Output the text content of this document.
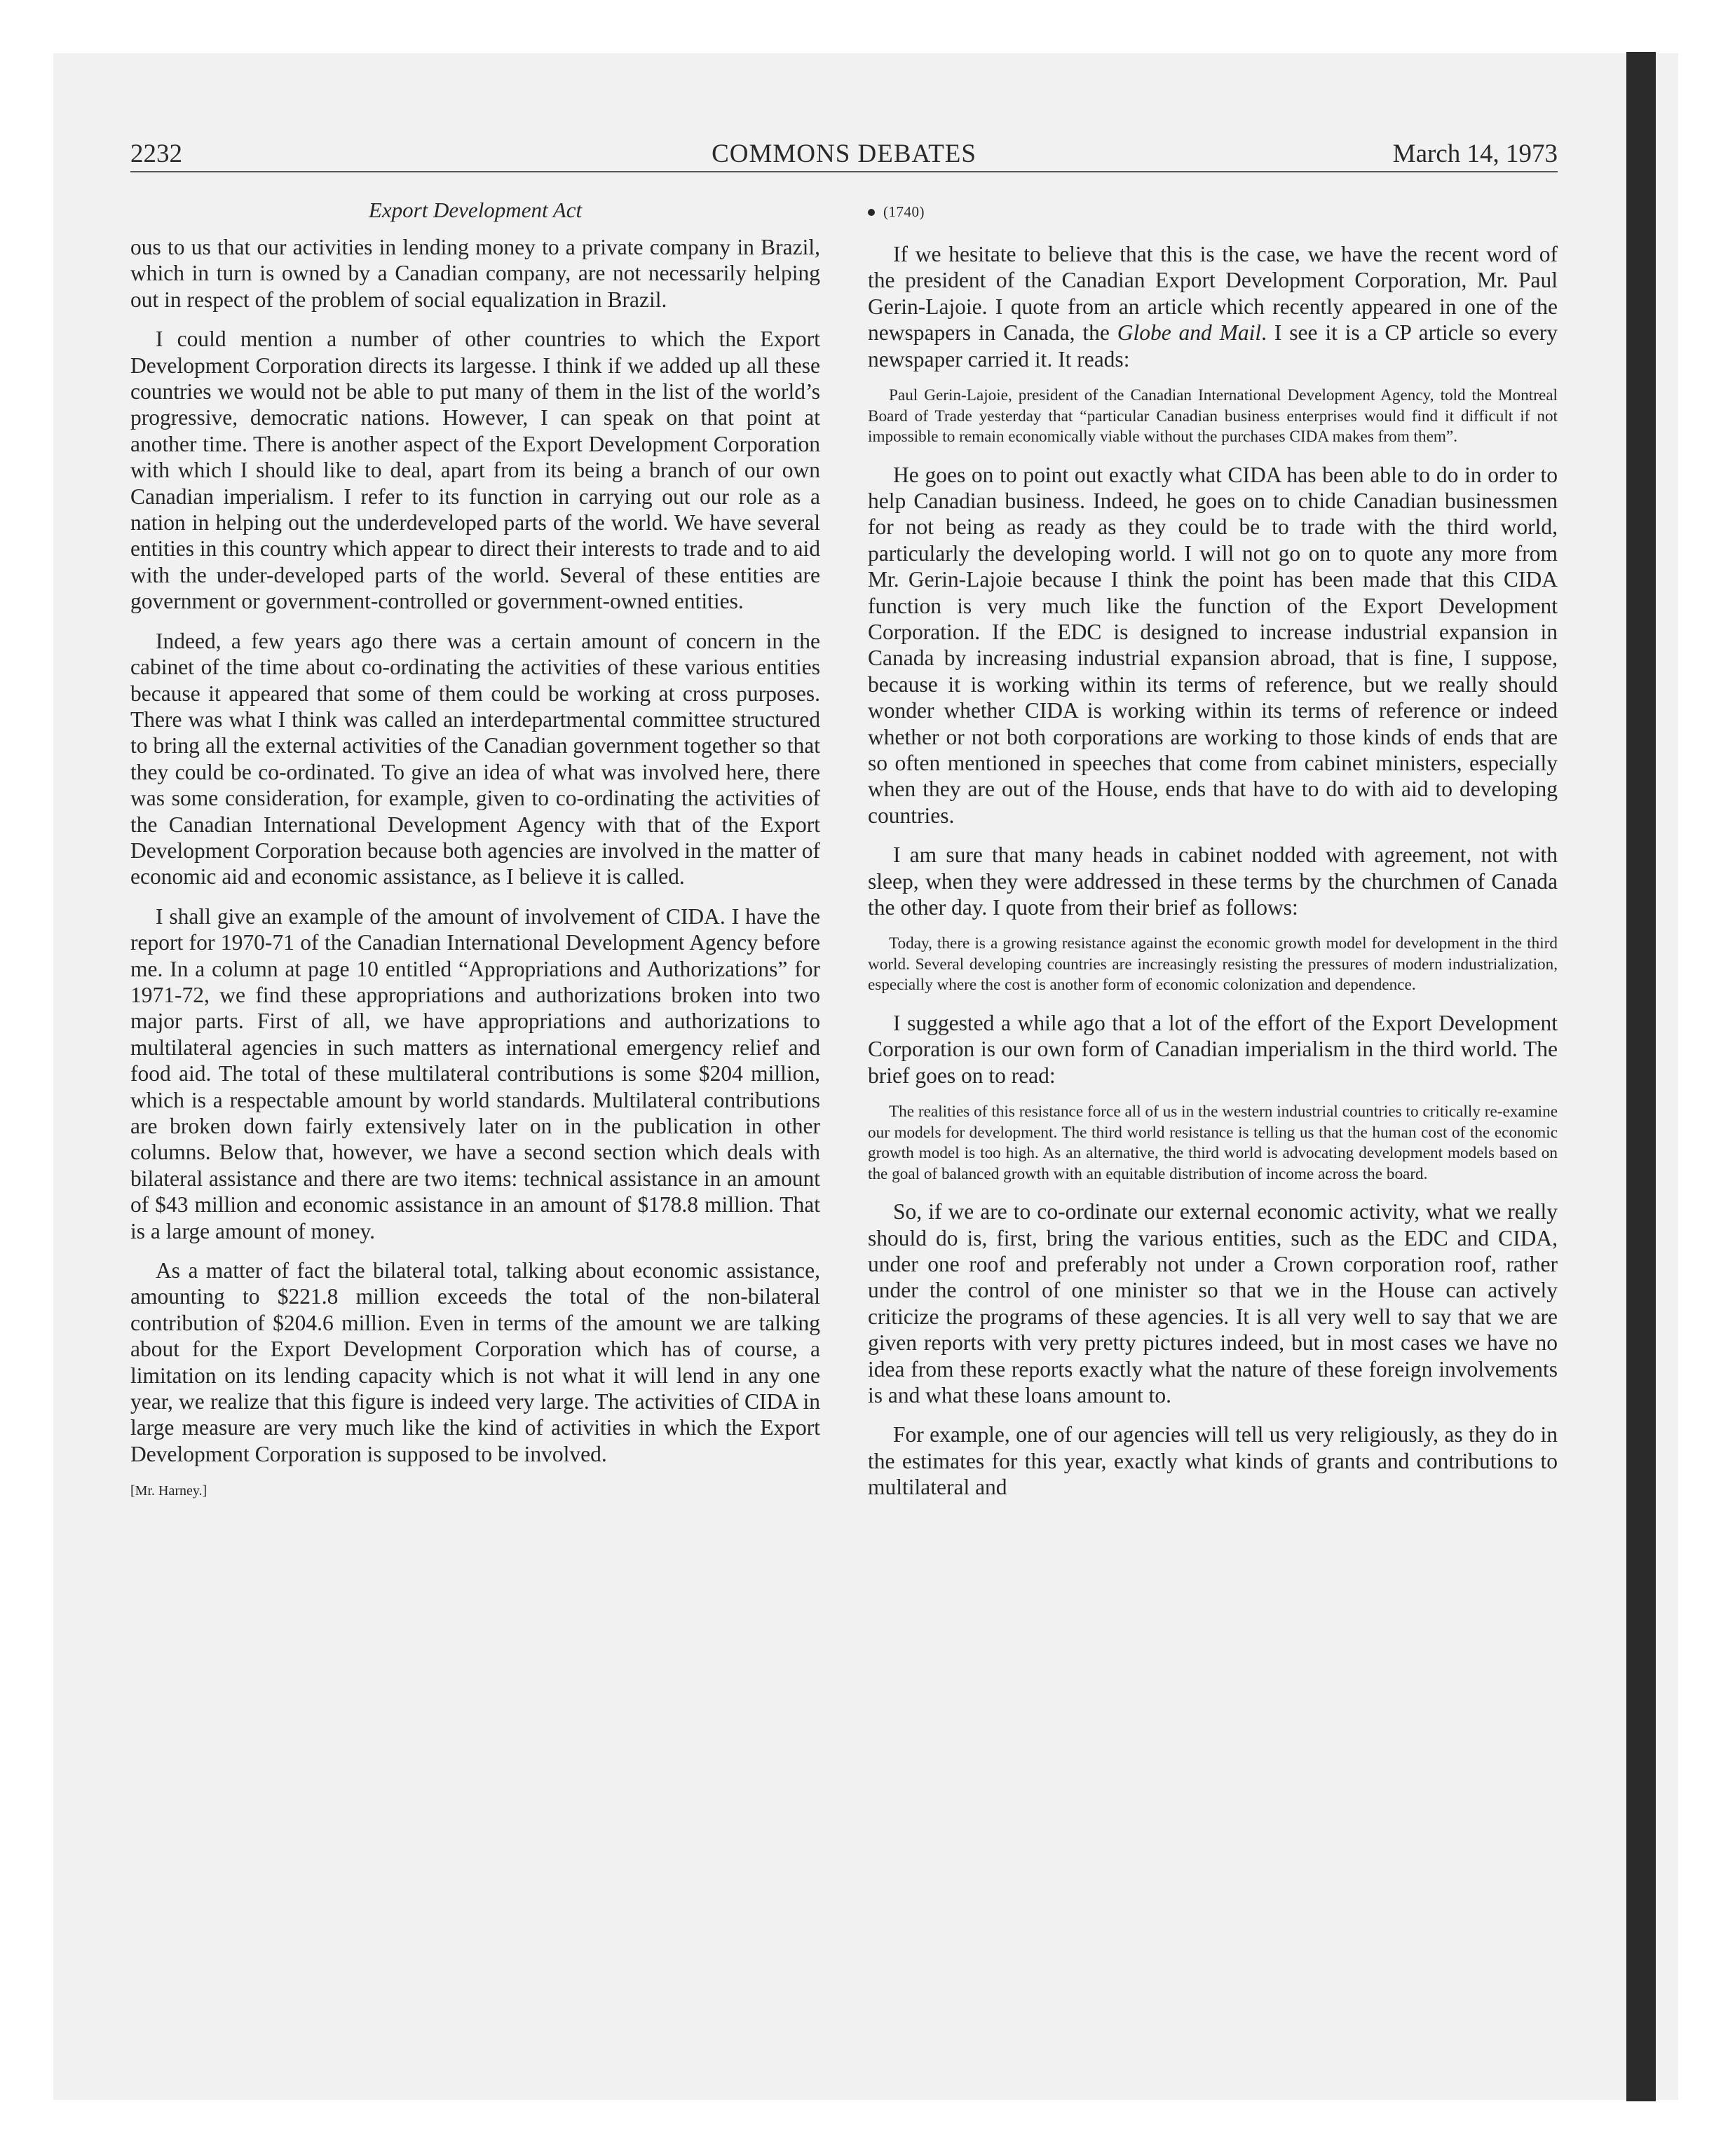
COMMONS DEBATES
2232	March 14, 1973
Export Development Act

ous to us that our activities in lending money to a private company in Brazil, which in turn is owned by a Canadian company, are not necessarily helping out in respect of the problem of social equalization in Brazil.

I could mention a number of other countries to which the Export Development Corporation directs its largesse. I think if we added up all these countries we would not be able to put many of them in the list of the world’s progressive, democratic nations. However, I can speak on that point at another time. There is another aspect of the Export Development Corporation with which I should like to deal, apart from its being a branch of our own Canadian imperialism. I refer to its function in carrying out our role as a nation in helping out the underdeveloped parts of the world. We have several entities in this country which appear to direct their interests to trade and to aid with the under-developed parts of the world. Several of these entities are government or government-controlled or government-owned entities.

Indeed, a few years ago there was a certain amount of concern in the cabinet of the time about co-ordinating the activities of these various entities because it appeared that some of them could be working at cross purposes. There was what I think was called an interdepartmental committee structured to bring all the external activities of the Canadian government together so that they could be co-ordinated. To give an idea of what was involved here, there was some consideration, for example, given to co-ordinating the activities of the Canadian International Development Agency with that of the Export Development Corporation because both agencies are involved in the matter of economic aid and economic assistance, as I believe it is called.

I shall give an example of the amount of involvement of CIDA. I have the report for 1970-71 of the Canadian International Development Agency before me. In a column at page 10 entitled “Appropriations and Authorizations” for 1971-72, we find these appropriations and authorizations broken into two major parts. First of all, we have appropriations and authorizations to multilateral agencies in such matters as international emergency relief and food aid. The total of these multilateral contributions is some $204 million, which is a respectable amount by world standards. Multilateral contributions are broken down fairly extensively later on in the publication in other columns. Below that, however, we have a second section which deals with bilateral assistance and there are two items: technical assistance in an amount of $43 million and economic assistance in an amount of $178.8 million. That is a large amount of money.

As a matter of fact the bilateral total, talking about economic assistance, amounting to $221.8 million exceeds the total of the non-bilateral contribution of $204.6 million. Even in terms of the amount we are talking about for the Export Development Corporation which has of course, a limitation on its lending capacity which is not what it will lend in any one year, we realize that this figure is indeed very large. The activities of CIDA in large measure are very much like the kind of activities in which the Export Development Corporation is supposed to be involved.

[Mr. Harney.]
(1740)

If we hesitate to believe that this is the case, we have the recent word of the president of the Canadian Export Development Corporation, Mr. Paul Gerin-Lajoie. I quote from an article which recently appeared in one of the newspapers in Canada, the Globe and Mail. I see it is a CP article so every newspaper carried it. It reads:

Paul Gerin-Lajoie, president of the Canadian International Development Agency, told the Montreal Board of Trade yesterday that “particular Canadian business enterprises would find it difficult if not impossible to remain economically viable without the purchases CIDA makes from them”.

He goes on to point out exactly what CIDA has been able to do in order to help Canadian business. Indeed, he goes on to chide Canadian businessmen for not being as ready as they could be to trade with the third world, particularly the developing world. I will not go on to quote any more from Mr. Gerin-Lajoie because I think the point has been made that this CIDA function is very much like the function of the Export Development Corporation. If the EDC is designed to increase industrial expansion in Canada by increasing industrial expansion abroad, that is fine, I suppose, because it is working within its terms of reference, but we really should wonder whether CIDA is working within its terms of reference or indeed whether or not both corporations are working to those kinds of ends that are so often mentioned in speeches that come from cabinet ministers, especially when they are out of the House, ends that have to do with aid to developing countries.

I am sure that many heads in cabinet nodded with agreement, not with sleep, when they were addressed in these terms by the churchmen of Canada the other day. I quote from their brief as follows:

Today, there is a growing resistance against the economic growth model for development in the third world. Several developing countries are increasingly resisting the pressures of modern industrialization, especially where the cost is another form of economic colonization and dependence.

I suggested a while ago that a lot of the effort of the Export Development Corporation is our own form of Canadian imperialism in the third world. The brief goes on to read:

The realities of this resistance force all of us in the western industrial countries to critically re-examine our models for development. The third world resistance is telling us that the human cost of the economic growth model is too high. As an alternative, the third world is advocating development models based on the goal of balanced growth with an equitable distribution of income across the board.

So, if we are to co-ordinate our external economic activity, what we really should do is, first, bring the various entities, such as the EDC and CIDA, under one roof and preferably not under a Crown corporation roof, rather under the control of one minister so that we in the House can actively criticize the programs of these agencies. It is all very well to say that we are given reports with very pretty pictures indeed, but in most cases we have no idea from these reports exactly what the nature of these foreign involvements is and what these loans amount to.

For example, one of our agencies will tell us very religiously, as they do in the estimates for this year, exactly what kinds of grants and contributions to multilateral and
